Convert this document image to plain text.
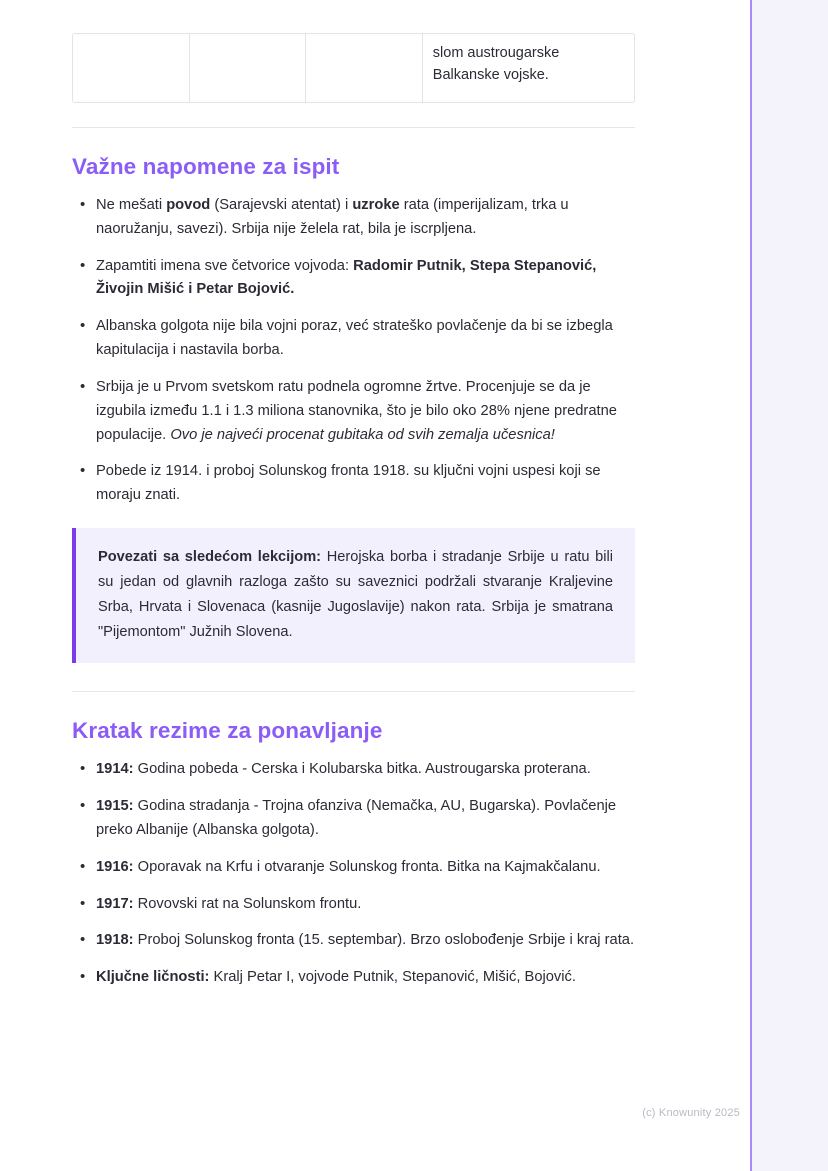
slom austrougarske Balkanske vojske.
Važne napomene za ispit
• Ne mešati povod (Sarajevski atentat) i uzroke rata (imperijalizam, trka u naoružanju, savezi). Srbija nije želela rat, bila je iscrpljena.
• Zapamtiti imena sve četvorice vojvoda: Radomir Putnik, Stepa Stepanović, Živojin Mišić i Petar Bojović.
• Albanska golgota nije bila vojni poraz, već strateško povlačenje da bi se izbegla kapitulacija i nastavila borba.
• Srbija je u Prvom svetskom ratu podnela ogromne žrtve. Procenjuje se da je izgubila između 1.1 i 1.3 miliona stanovnika, što je bilo oko 28% njene predratne populacije. Ovo je najveći procenat gubitaka od svih zemalja učesnica!
• Pobede iz 1914. i proboj Solunskog fronta 1918. su ključni vojni uspesi koji se moraju znati.
Povezati sa sledećom lekcijom: Herojska borba i stradanje Srbije u ratu bili su jedan od glavnih razloga zašto su saveznici podržali stvaranje Kraljevine Srba, Hrvata i Slovenaca (kasnije Jugoslavije) nakon rata. Srbija je smatrana "Pijemontom" Južnih Slovena.
Kratak rezime za ponavljanje
• 1914: Godina pobeda - Cerska i Kolubarska bitka. Austrougarska proterana.
• 1915: Godina stradanja - Trojna ofanziva (Nemačka, AU, Bugarska). Povlačenje preko Albanije (Albanska golgota).
• 1916: Oporavak na Krfu i otvaranje Solunskog fronta. Bitka na Kajmakčalanu.
• 1917: Rovovski rat na Solunskom frontu.
• 1918: Proboj Solunskog fronta (15. septembar). Brzo oslobođenje Srbije i kraj rata.
• Ključne ličnosti: Kralj Petar I, vojvode Putnik, Stepanović, Mišić, Bojović.
(c) Knowunity 2025
